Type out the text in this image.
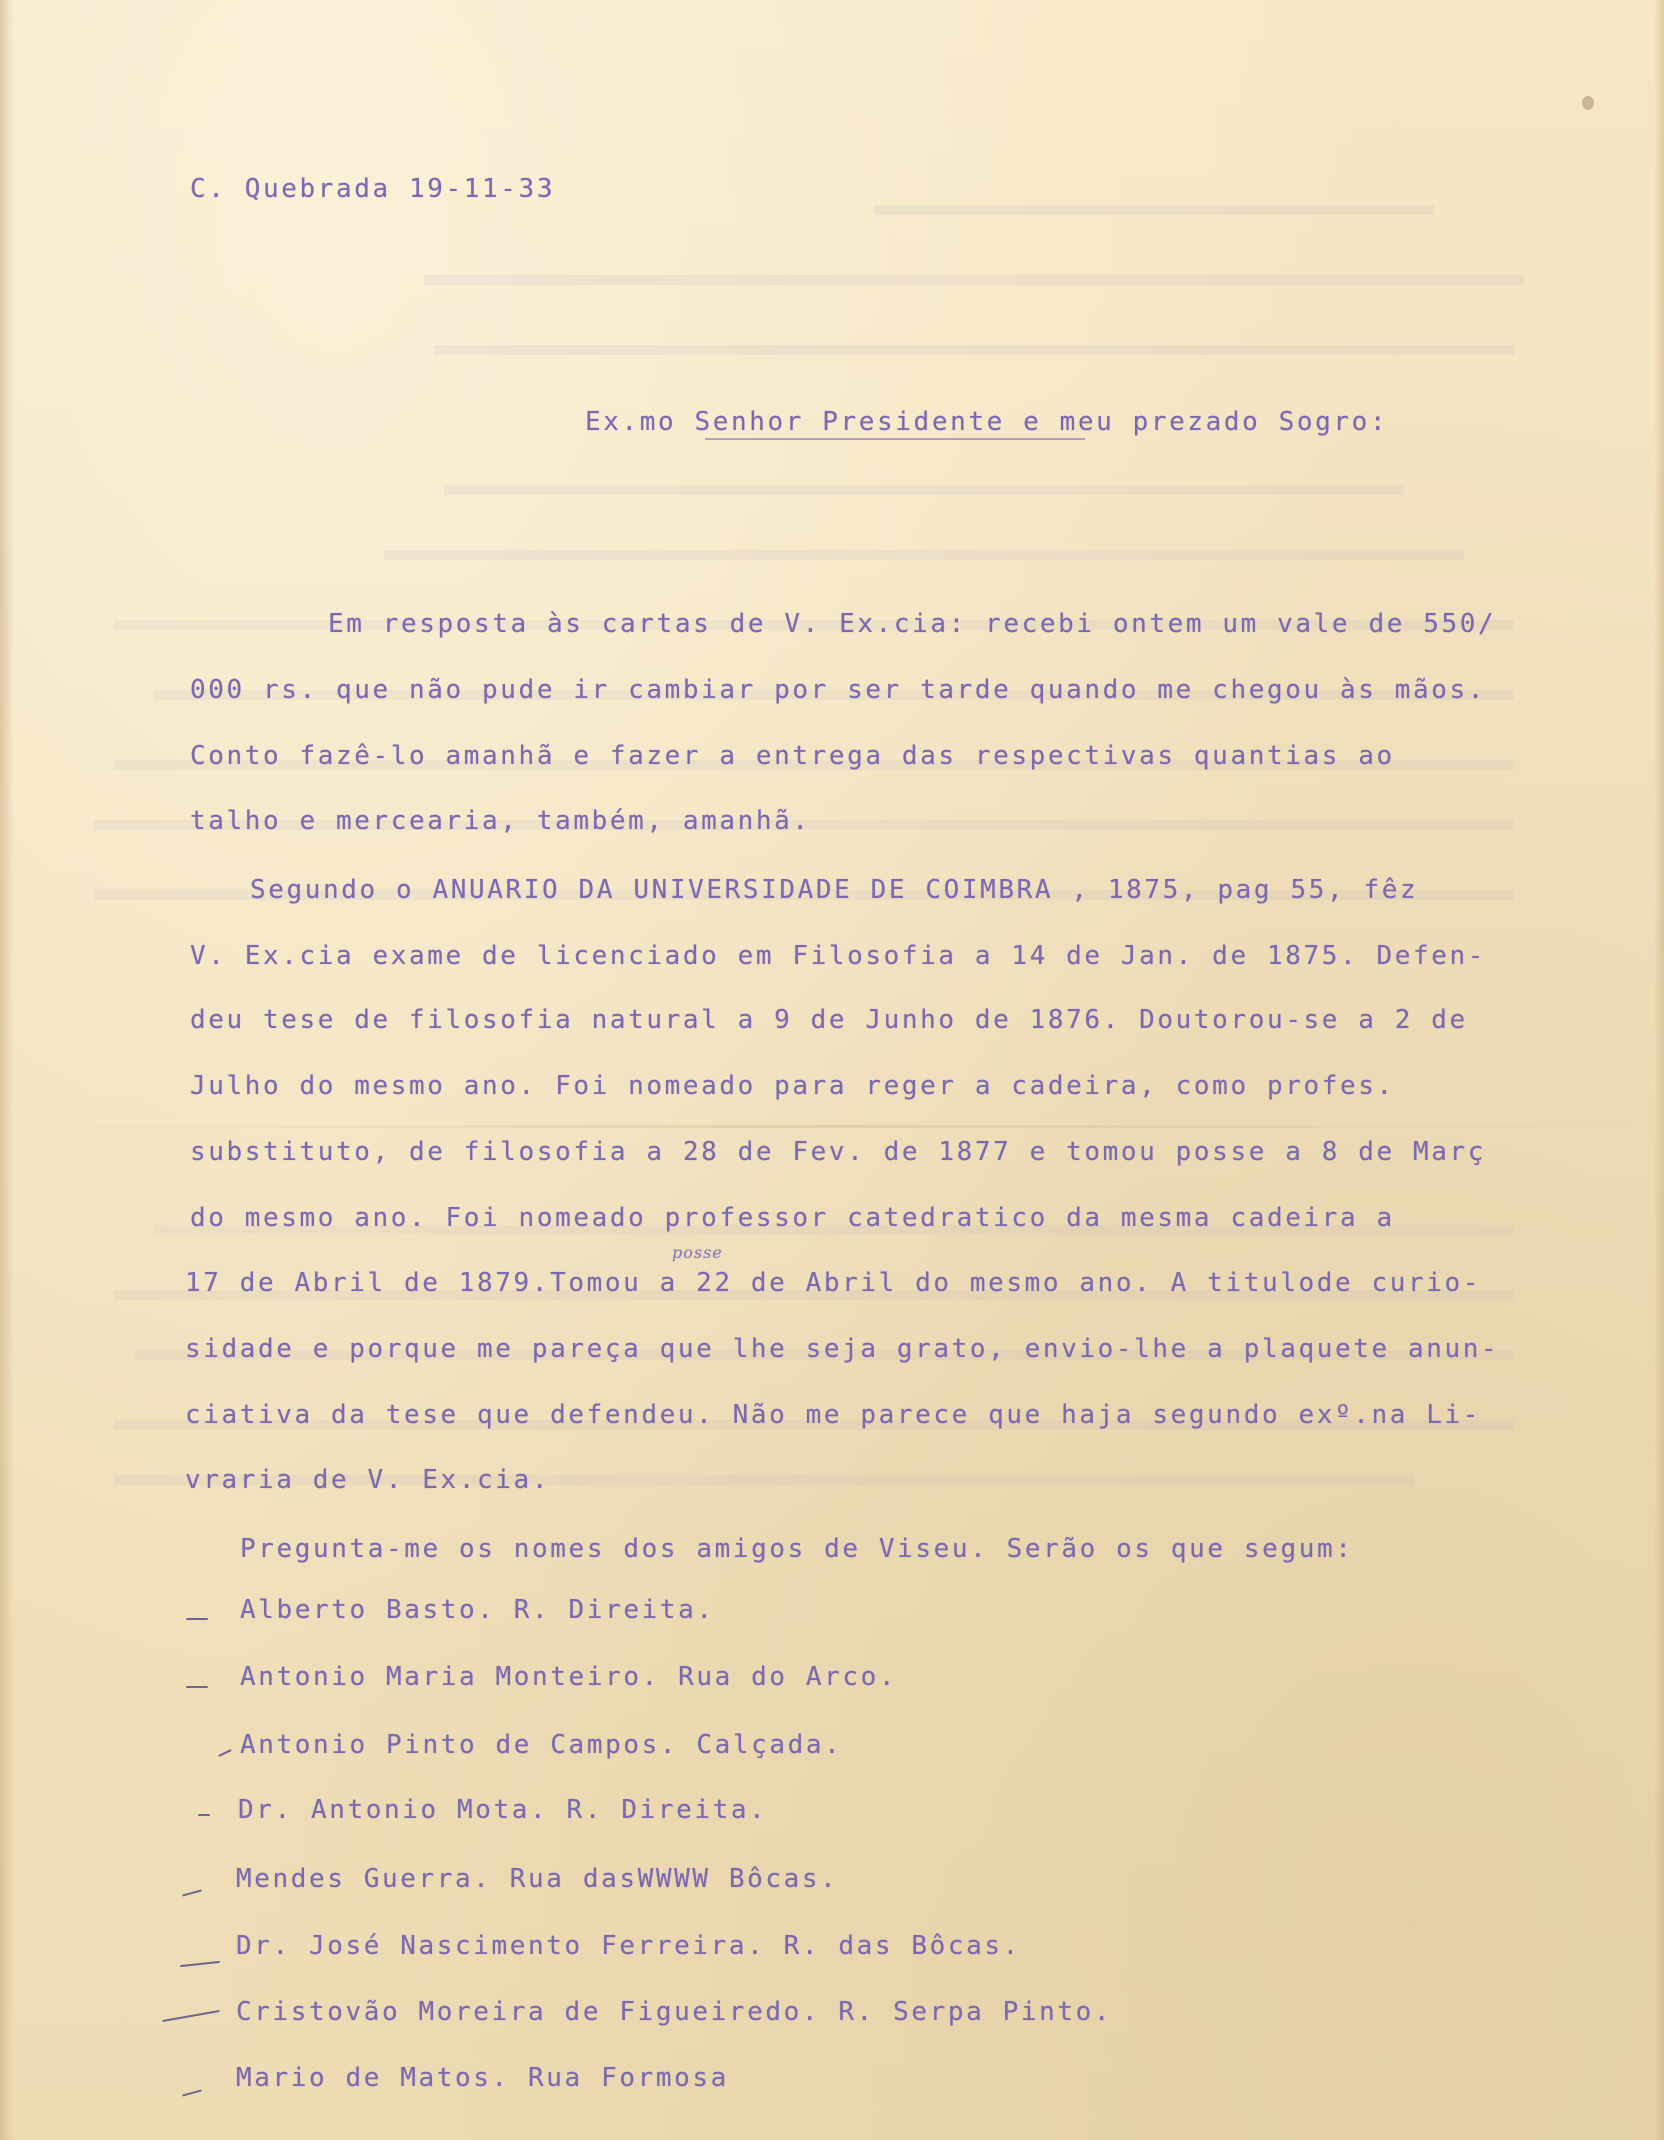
C. Quebrada 19-11-33
Ex.mo Senhor Presidente e meu prezado Sogro:
Em resposta às cartas de V. Ex.cia: recebi ontem um vale de 550/
000 rs. que não pude ir cambiar por ser tarde quando me chegou às mãos.
Conto fazê-lo amanhã e fazer a entrega das respectivas quantias ao
talho e mercearia, também, amanhã.
Segundo o ANUARIO DA UNIVERSIDADE DE COIMBRA , 1875, pag 55, fêz
V. Ex.cia exame de licenciado em Filosofia a 14 de Jan. de 1875. Defen-
deu tese de filosofia natural a 9 de Junho de 1876. Doutorou-se a 2 de
Julho do mesmo ano. Foi nomeado para reger a cadeira, como profes.
substituto, de filosofia a 28 de Fev. de 1877 e tomou posse a 8 de Març
do mesmo ano. Foi nomeado professor catedratico da mesma cadeira a
posse
17 de Abril de 1879.Tomou a 22 de Abril do mesmo ano. A titulode curio-
sidade e porque me pareça que lhe seja grato, envio-lhe a plaquete anun-
ciativa da tese que defendeu. Não me parece que haja segundo exº.na Li-
vraria de V. Ex.cia.
Pregunta-me os nomes dos amigos de Viseu. Serão os que segum:
Alberto Basto. R. Direita.
Antonio Maria Monteiro. Rua do Arco.
Antonio Pinto de Campos. Calçada.
Dr. Antonio Mota. R. Direita.
Mendes Guerra. Rua dasWWWW Bôcas.
Dr. José Nascimento Ferreira. R. das Bôcas.
Cristovão Moreira de Figueiredo. R. Serpa Pinto.
Mario de Matos. Rua Formosa
